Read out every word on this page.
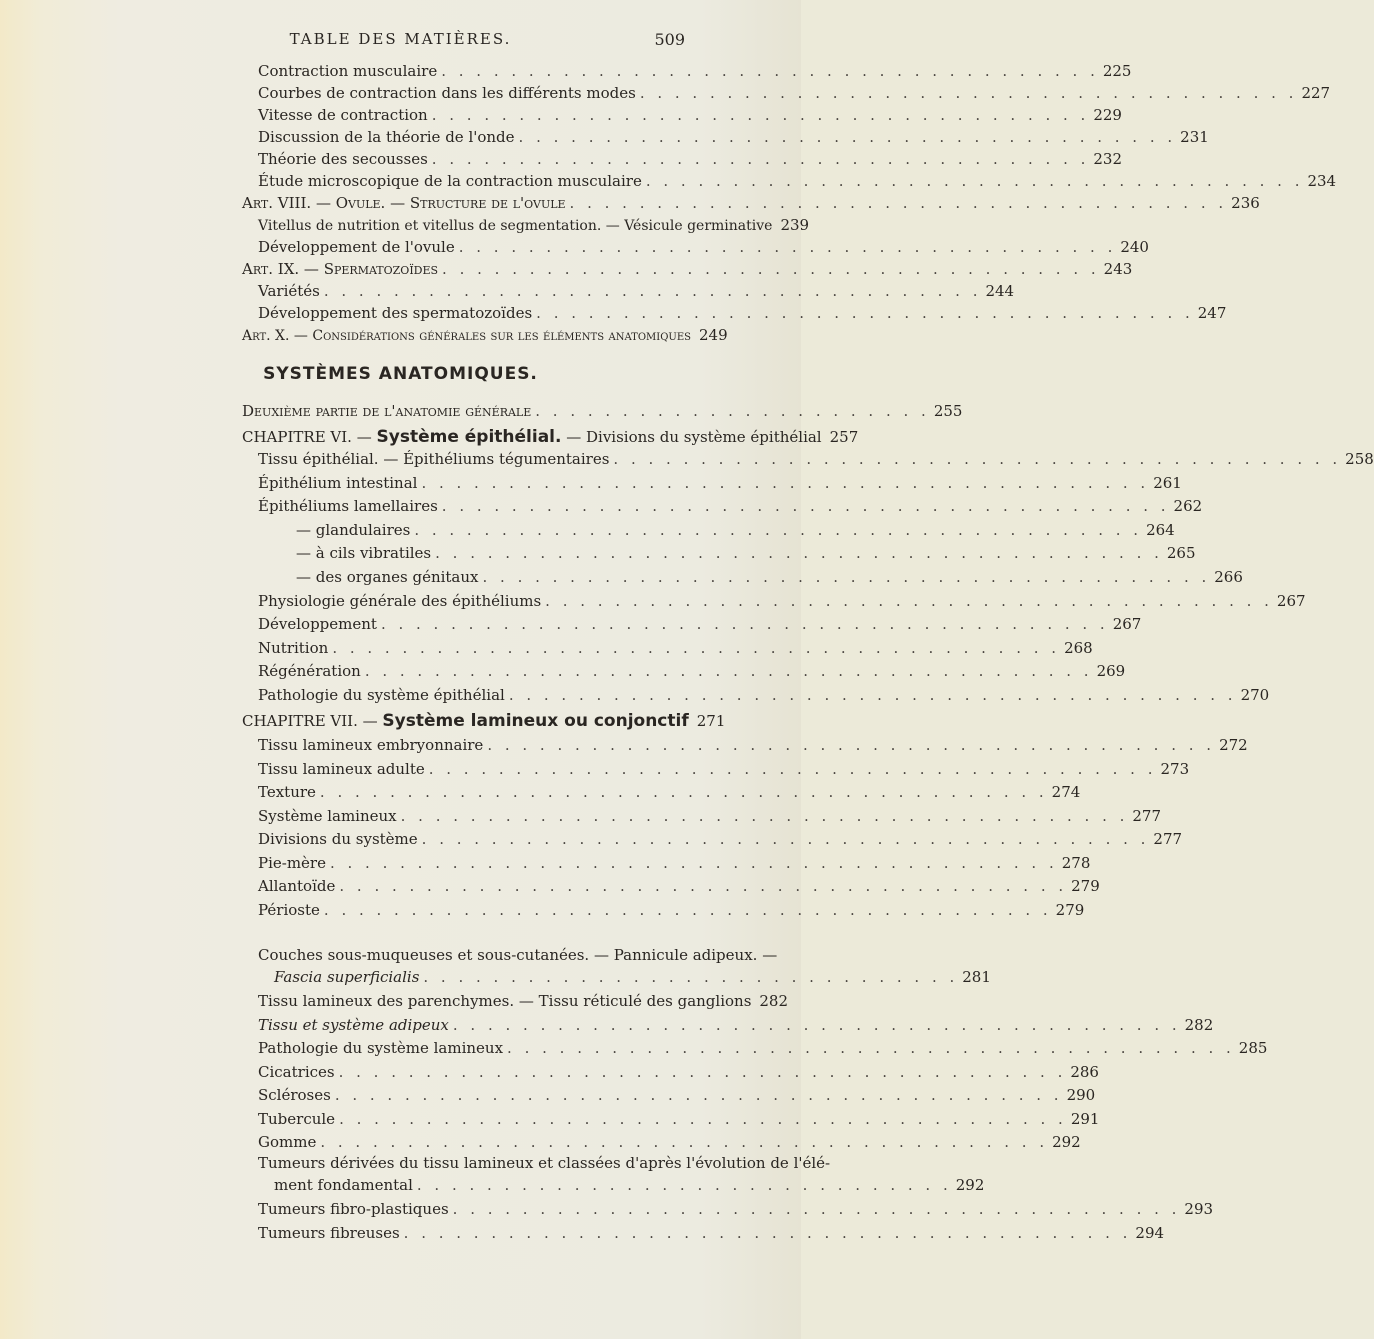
TABLE DES MATIÈRES.	509
Contraction musculaire . . . . . . . . . . . . . . . . . . . . . . . . . . . . . . . . . . . . . . 225
Courbes de contraction dans les différents modes . . . . . . . . . . . . . . . . . . . . . . . . . . . . . . . . . . . . . . 227
Vitesse de contraction . . . . . . . . . . . . . . . . . . . . . . . . . . . . . . . . . . . . . . 229
Discussion de la théorie de l'onde . . . . . . . . . . . . . . . . . . . . . . . . . . . . . . . . . . . . . . 231
Théorie des secousses . . . . . . . . . . . . . . . . . . . . . . . . . . . . . . . . . . . . . . 232
Étude microscopique de la contraction musculaire . . . . . . . . . . . . . . . . . . . . . . . . . . . . . . . . . . . . . . 234
Art. VIII. — Ovule. — Structure de l'ovule . . . . . . . . . . . . . . . . . . . . . . . . . . . . . . . . . . . . . . 236
Vitellus de nutrition et vitellus de segmentation. — Vésicule germinative 239
Développement de l'ovule . . . . . . . . . . . . . . . . . . . . . . . . . . . . . . . . . . . . . . 240
Art. IX. — Spermatozoïdes . . . . . . . . . . . . . . . . . . . . . . . . . . . . . . . . . . . . . . 243
Variétés . . . . . . . . . . . . . . . . . . . . . . . . . . . . . . . . . . . . . . 244
Développement des spermatozoïdes . . . . . . . . . . . . . . . . . . . . . . . . . . . . . . . . . . . . . . 247
Art. X. — Considérations générales sur les éléments anatomiques 249
SYSTÈMES ANATOMIQUES.
Deuxième partie de l'anatomie générale . . . . . . . . . . . . . . . . . . . . . . . 255
CHAPITRE VI. — Système épithélial. — Divisions du système épithélial 257
Tissu épithélial. — Épithéliums tégumentaires . . . . . . . . . . . . . . . . . . . . . . . . . . . . . . . . . . . . . . . . . . 258
Épithélium intestinal . . . . . . . . . . . . . . . . . . . . . . . . . . . . . . . . . . . . . . . . . . 261
Épithéliums lamellaires . . . . . . . . . . . . . . . . . . . . . . . . . . . . . . . . . . . . . . . . . . 262
— glandulaires . . . . . . . . . . . . . . . . . . . . . . . . . . . . . . . . . . . . . . . . . . 264
— à cils vibratiles . . . . . . . . . . . . . . . . . . . . . . . . . . . . . . . . . . . . . . . . . . 265
— des organes génitaux . . . . . . . . . . . . . . . . . . . . . . . . . . . . . . . . . . . . . . . . . . 266
Physiologie générale des épithéliums . . . . . . . . . . . . . . . . . . . . . . . . . . . . . . . . . . . . . . . . . . 267
Développement . . . . . . . . . . . . . . . . . . . . . . . . . . . . . . . . . . . . . . . . . . 267
Nutrition . . . . . . . . . . . . . . . . . . . . . . . . . . . . . . . . . . . . . . . . . . 268
Régénération . . . . . . . . . . . . . . . . . . . . . . . . . . . . . . . . . . . . . . . . . . 269
Pathologie du système épithélial . . . . . . . . . . . . . . . . . . . . . . . . . . . . . . . . . . . . . . . . . . 270
CHAPITRE VII. — Système lamineux ou conjonctif 271
Tissu lamineux embryonnaire . . . . . . . . . . . . . . . . . . . . . . . . . . . . . . . . . . . . . . . . . . 272
Tissu lamineux adulte . . . . . . . . . . . . . . . . . . . . . . . . . . . . . . . . . . . . . . . . . . 273
Texture . . . . . . . . . . . . . . . . . . . . . . . . . . . . . . . . . . . . . . . . . . 274
Système lamineux . . . . . . . . . . . . . . . . . . . . . . . . . . . . . . . . . . . . . . . . . . 277
Divisions du système . . . . . . . . . . . . . . . . . . . . . . . . . . . . . . . . . . . . . . . . . . 277
Pie-mère . . . . . . . . . . . . . . . . . . . . . . . . . . . . . . . . . . . . . . . . . . 278
Allantoïde . . . . . . . . . . . . . . . . . . . . . . . . . . . . . . . . . . . . . . . . . . 279
Périoste . . . . . . . . . . . . . . . . . . . . . . . . . . . . . . . . . . . . . . . . . . 279
Couches sous-muqueuses et sous-cutanées. — Pannicule adipeux. —
Fascia superficialis . . . . . . . . . . . . . . . . . . . . . . . . . . . . . . . 281
Tissu lamineux des parenchymes. — Tissu réticulé des ganglions 282
Tissu et système adipeux . . . . . . . . . . . . . . . . . . . . . . . . . . . . . . . . . . . . . . . . . . 282
Pathologie du système lamineux . . . . . . . . . . . . . . . . . . . . . . . . . . . . . . . . . . . . . . . . . . 285
Cicatrices . . . . . . . . . . . . . . . . . . . . . . . . . . . . . . . . . . . . . . . . . . 286
Scléroses . . . . . . . . . . . . . . . . . . . . . . . . . . . . . . . . . . . . . . . . . . 290
Tubercule . . . . . . . . . . . . . . . . . . . . . . . . . . . . . . . . . . . . . . . . . . 291
Gomme . . . . . . . . . . . . . . . . . . . . . . . . . . . . . . . . . . . . . . . . . . 292
Tumeurs dérivées du tissu lamineux et classées d'après l'évolution de l'élé-
ment fondamental . . . . . . . . . . . . . . . . . . . . . . . . . . . . . . . 292
Tumeurs fibro-plastiques . . . . . . . . . . . . . . . . . . . . . . . . . . . . . . . . . . . . . . . . . . 293
Tumeurs fibreuses . . . . . . . . . . . . . . . . . . . . . . . . . . . . . . . . . . . . . . . . . . 294
